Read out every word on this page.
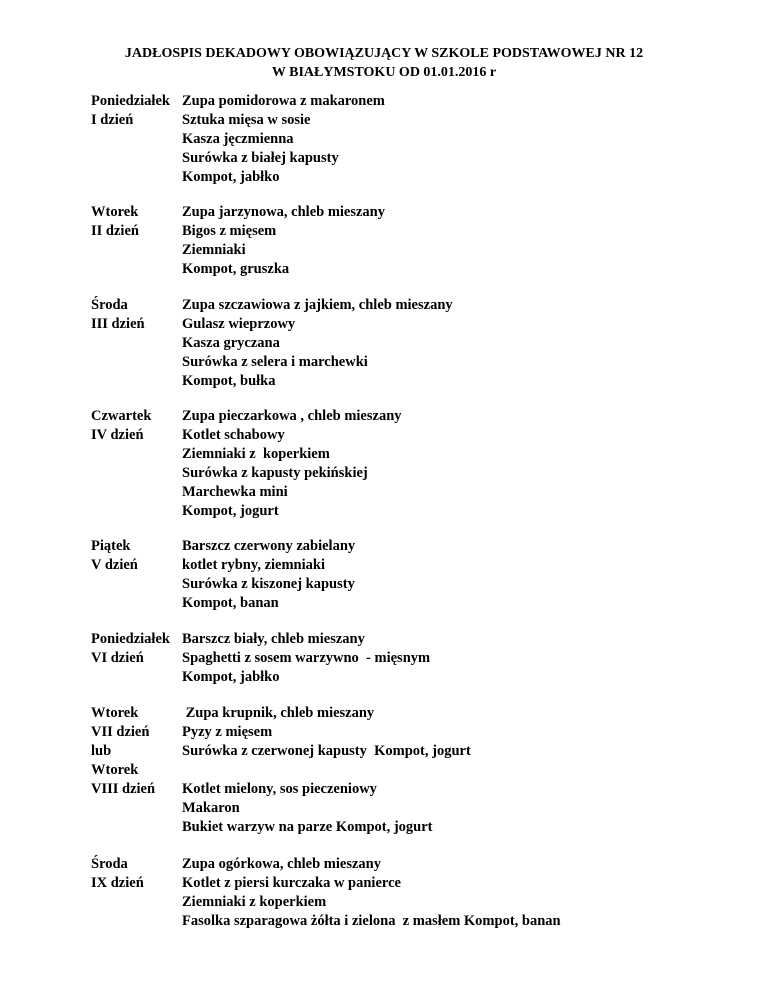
JADŁOSPIS DEKADOWY OBOWIĄZUJĄCY W SZKOLE PODSTAWOWEJ NR 12
W BIAŁYMSTOKU OD 01.01.2016 r
Poniedziałek Zupa pomidorowa z makaronem
I dzień	Sztuka mięsa w sosie
Kasza jęczmienna
Surówka z białej kapusty
Kompot, jabłko
Wtorek	Zupa jarzynowa, chleb mieszany
II dzień	Bigos z mięsem
Ziemniaki
Kompot, gruszka
Środa	Zupa szczawiowa z jajkiem, chleb mieszany
III dzień	Gulasz wieprzowy
Kasza gryczana
Surówka z selera i marchewki
Kompot, bułka
Czwartek Zupa pieczarkowa , chleb mieszany
IV dzień	Kotlet schabowy
Ziemniaki z  koperkiem
Surówka z kapusty pekińskiej
Marchewka mini
Kompot, jogurt
Piątek	Barszcz czerwony zabielany
V dzień	kotlet rybny, ziemniaki
Surówka z kiszonej kapusty
Kompot, banan
Poniedziałek Barszcz biały, chleb mieszany
VI dzień	Spaghetti z sosem warzywno  - mięsnym
Kompot, jabłko
Wtorek	Zupa krupnik, chleb mieszany
VII dzień Pyzy z mięsem
lub	Surówka z czerwonej kapusty  Kompot, jogurt
Wtorek
VIII dzień Kotlet mielony, sos pieczeniowy
Makaron
Bukiet warzyw na parze Kompot, jogurt
Środa	Zupa ogórkowa, chleb mieszany
IX dzień	Kotlet z piersi kurczaka w panierce
Ziemniaki z koperkiem
Fasolka szparagowa żółta i zielona  z masłem Kompot, banan
